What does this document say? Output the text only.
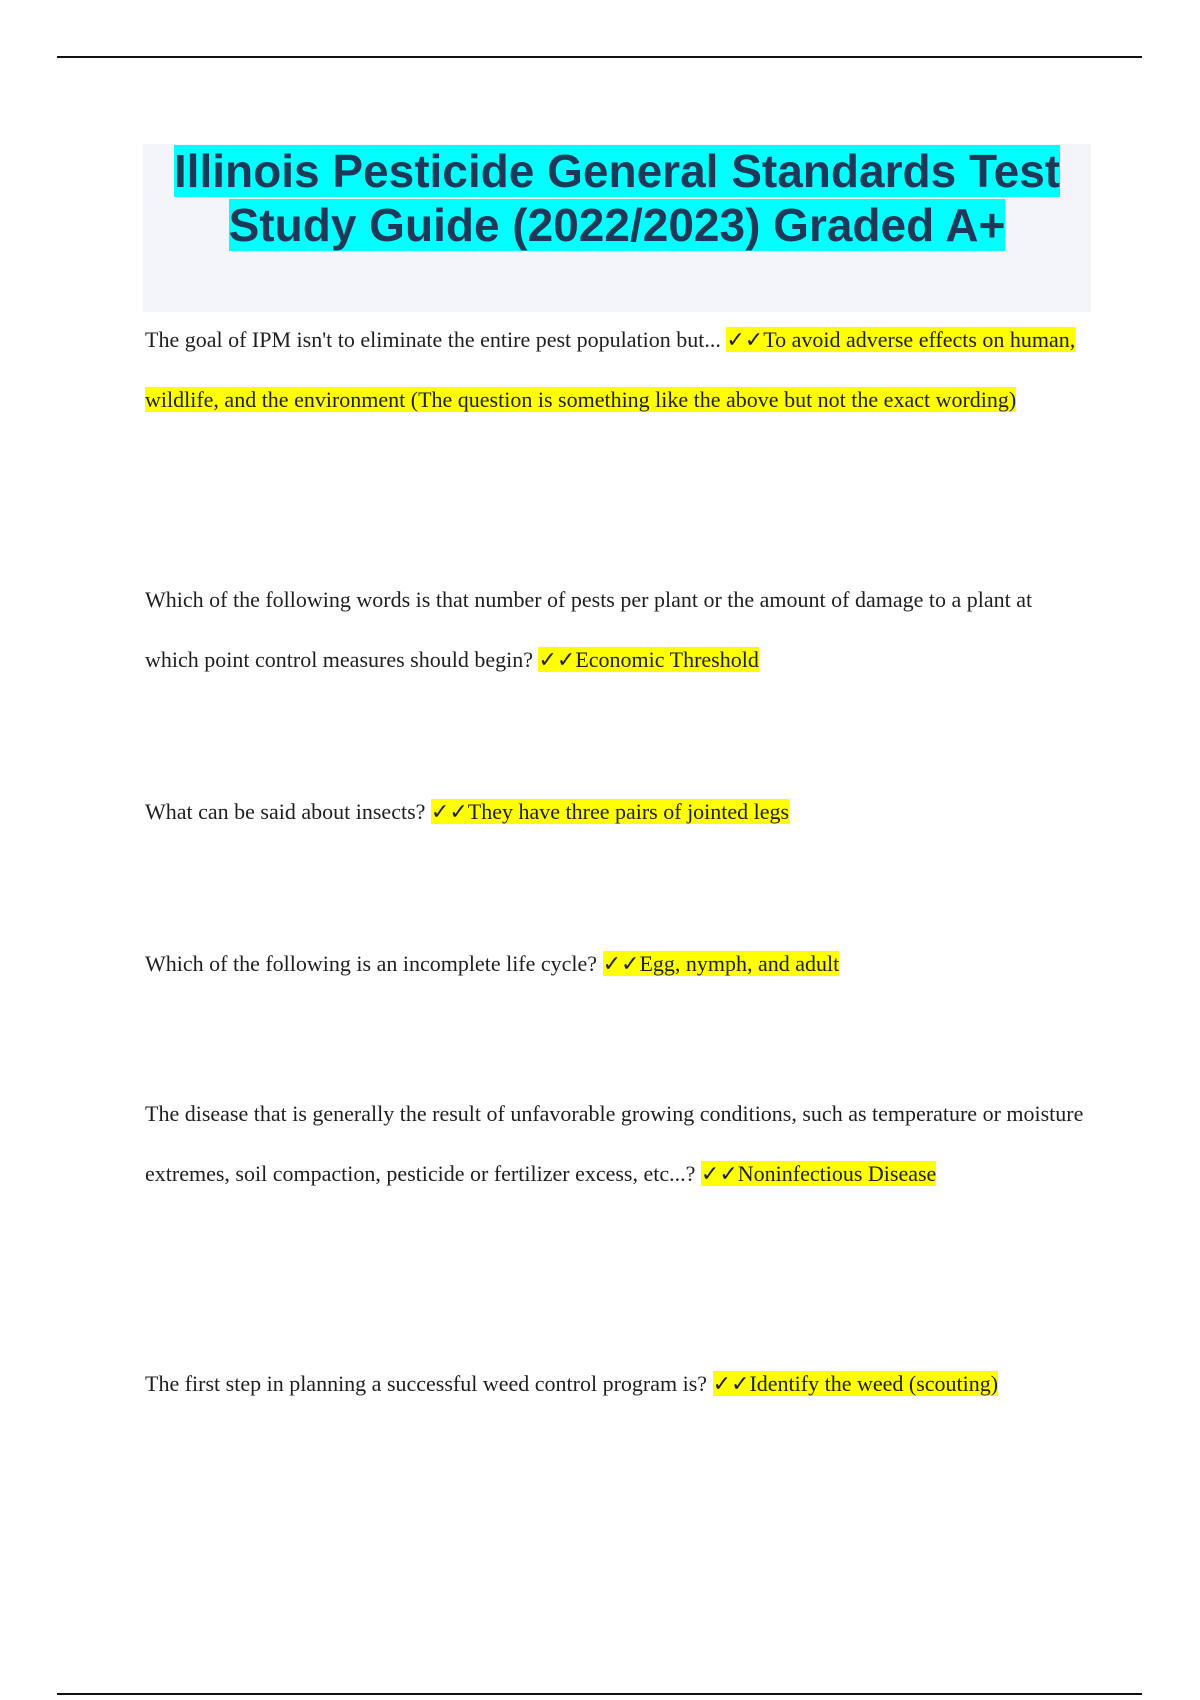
Illinois Pesticide General Standards Test
Study Guide (2022/2023) Graded A+

The goal of IPM isn't to eliminate the entire pest population but... ✓✓To avoid adverse effects on human, wildlife, and the environment (The question is something like the above but not the exact wording)

Which of the following words is that number of pests per plant or the amount of damage to a plant at which point control measures should begin? ✓✓Economic Threshold

What can be said about insects? ✓✓They have three pairs of jointed legs

Which of the following is an incomplete life cycle? ✓✓Egg, nymph, and adult

The disease that is generally the result of unfavorable growing conditions, such as temperature or moisture extremes, soil compaction, pesticide or fertilizer excess, etc...? ✓✓Noninfectious Disease

The first step in planning a successful weed control program is? ✓✓Identify the weed (scouting)
